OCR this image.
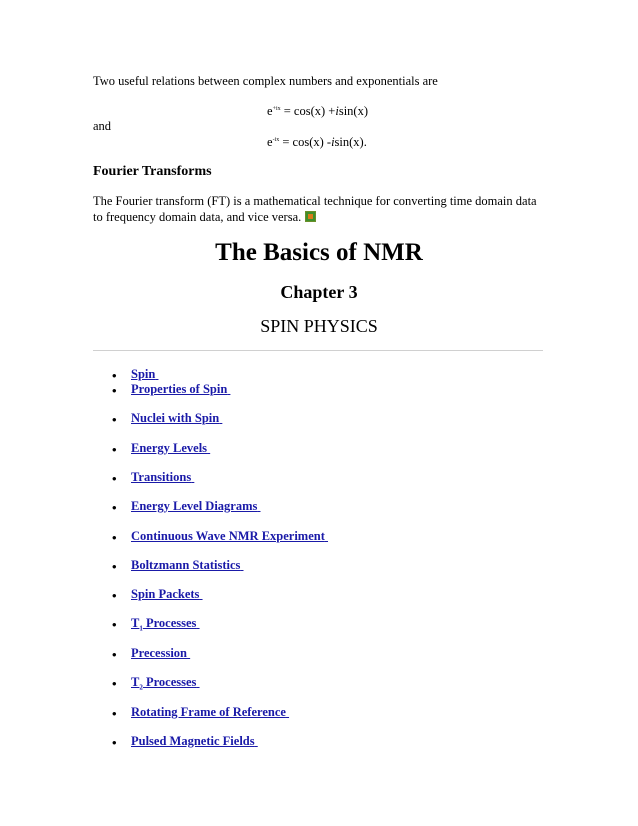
Two useful relations between complex numbers and exponentials are
$e^{+ix} = \cos(x) +isin(x)$
and
$e^{-ix} = \cos(x)$ -isin(x).
Fourier Transforms
The Fourier transform (FT) is a mathematical technique for converting time domain data
to frequency domain data, and vice versa.
The Basics of NMR
Chapter 3
SPIN PHYSICS
• Spin
• Properties of Spin
• Nuclei with Spin
• Energy Levels
• Transitions
• Energy Level Diagrams
• Continuous Wave NMR Experiment
• Boltzmann Statistics
• Spin Packets
• $T_1$ Processes
• Precession
• $T_2$ Processes
• Rotating Frame of Reference
• Pulsed Magnetic Fields
